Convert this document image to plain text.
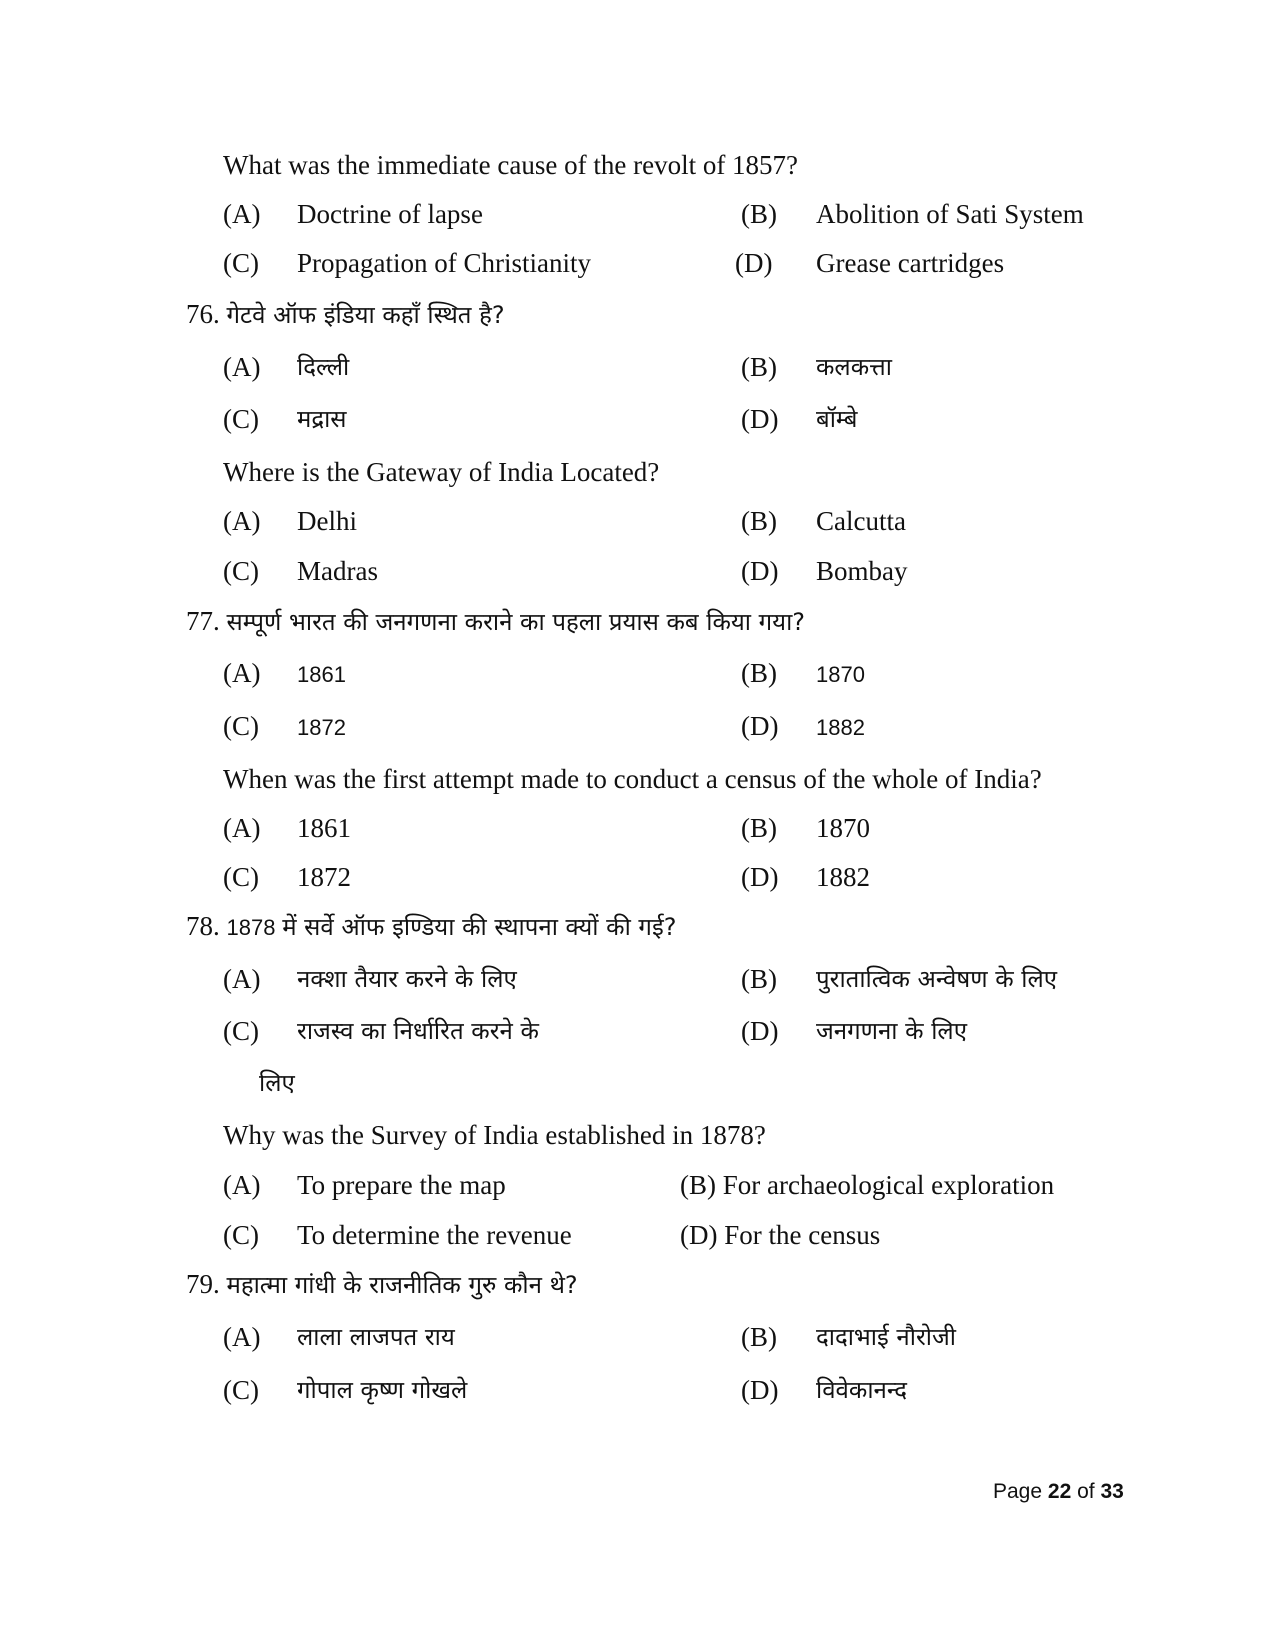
What was the immediate cause of the revolt of 1857?
(A) Doctrine of lapse	(B) Abolition of Sati System
(C) Propagation of Christianity	(D) Grease cartridges
76. गेटवे ऑफ इंडिया कहाँ स्थित है?
(A) दिल्ली	(B) कलकत्ता
(C) मद्रास	(D) बॉम्बे
Where is the Gateway of India Located?
(A) Delhi	(B) Calcutta
(C) Madras	(D) Bombay
77. सम्पूर्ण भारत की जनगणना कराने का पहला प्रयास कब किया गया?
(A) 1861	(B) 1870
(C) 1872	(D) 1882
When was the first attempt made to conduct a census of the whole of India?
(A) 1861	(B) 1870
(C) 1872	(D) 1882
78. 1878 में सर्वे ऑफ इण्डिया की स्थापना क्यों की गई?
(A) नक्शा तैयार करने के लिए	(B) पुरातात्विक अन्वेषण के लिए
(C) राजस्व का निर्धारित करने के	(D) जनगणना के लिए
लिए
Why was the Survey of India established in 1878?
(A) To prepare the map	(B) For archaeological exploration
(C) To determine the revenue	(D) For the census
79. महात्मा गांधी के राजनीतिक गुरु कौन थे?
(A) लाला लाजपत राय	(B) दादाभाई नौरोजी
(C) गोपाल कृष्ण गोखले	(D) विवेकानन्द
Page 22 of 33
